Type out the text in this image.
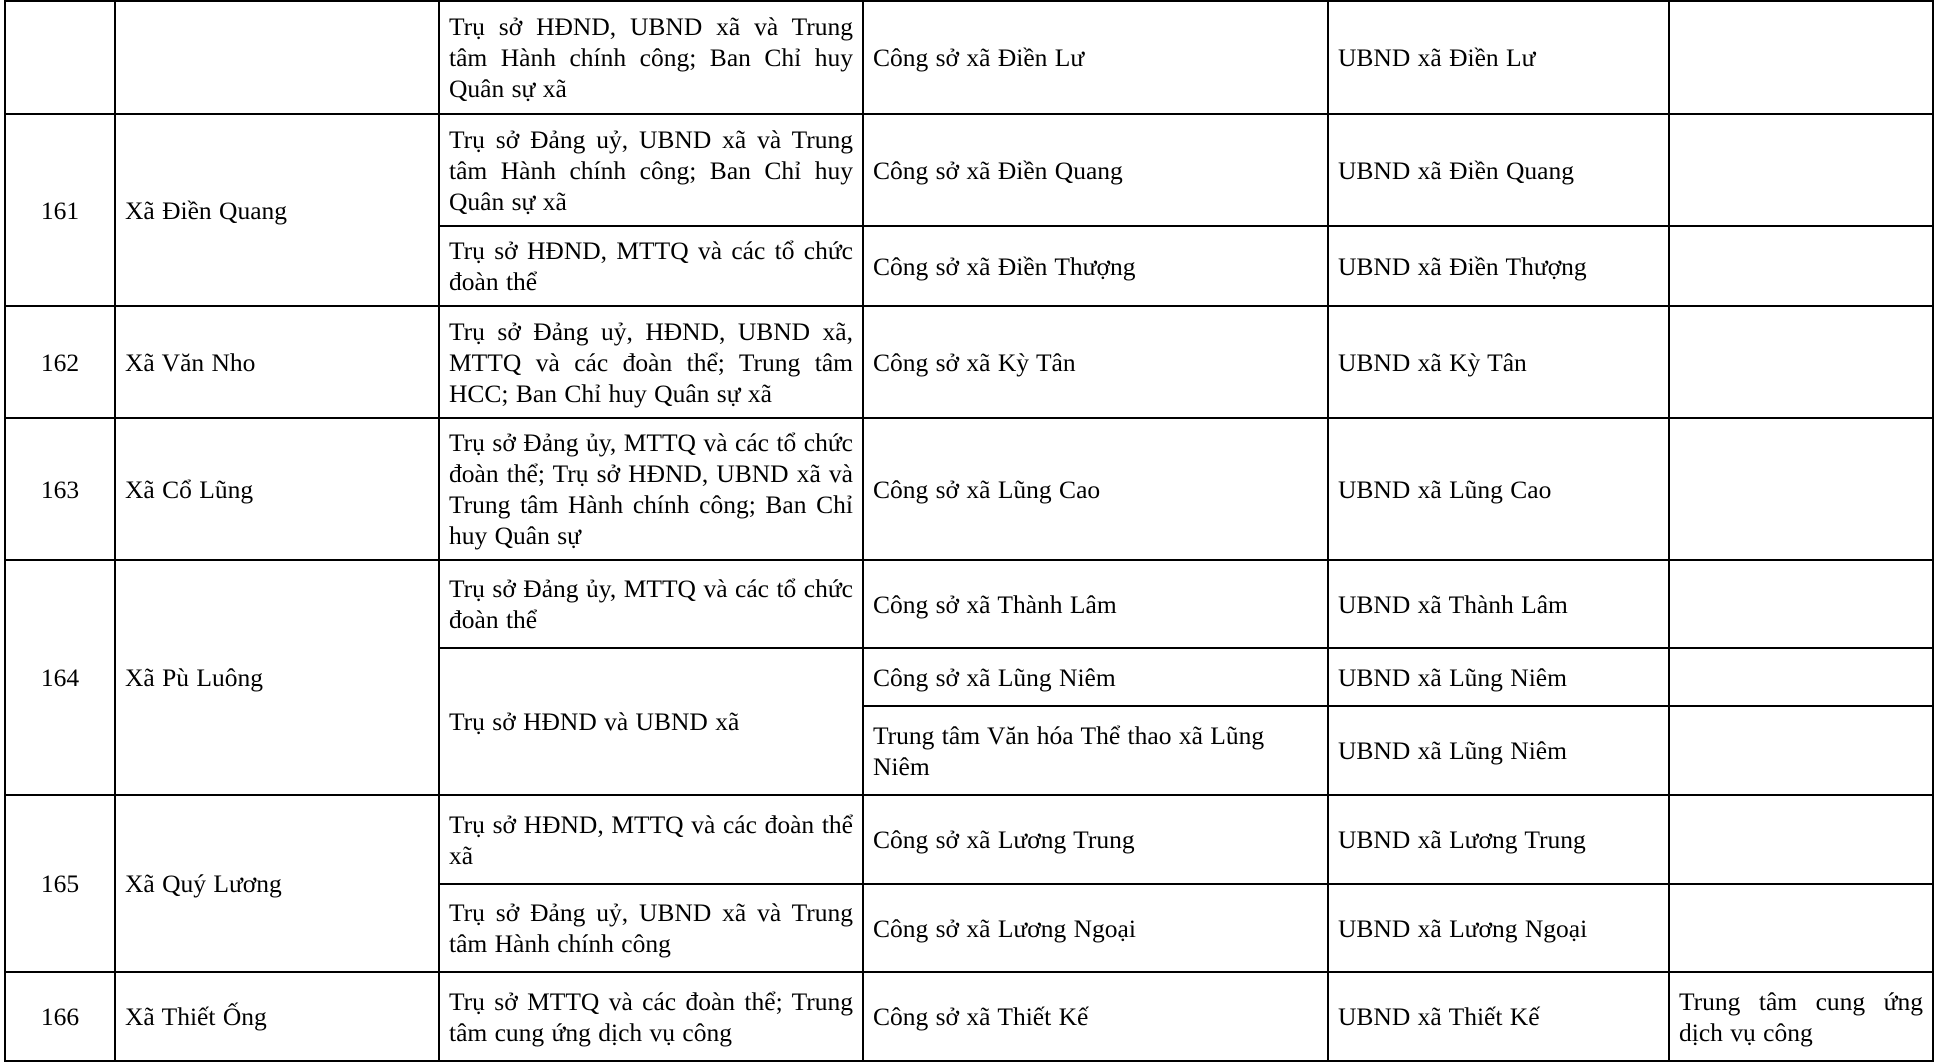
		Trụ sở HĐND, UBND xã và Trung tâm Hành chính công; Ban Chỉ huy Quân sự xã	Công sở xã Điền Lư	UBND xã Điền Lư	
161	Xã Điền Quang	Trụ sở Đảng uỷ, UBND xã và Trung tâm Hành chính công; Ban Chỉ huy Quân sự xã	Công sở xã Điền Quang	UBND xã Điền Quang	
		Trụ sở HĐND, MTTQ và các tổ chức đoàn thể	Công sở xã Điền Thượng	UBND xã Điền Thượng	
162	Xã Văn Nho	Trụ sở Đảng uỷ, HĐND, UBND xã, MTTQ và các đoàn thể; Trung tâm HCC; Ban Chỉ huy Quân sự xã	Công sở xã Kỳ Tân	UBND xã Kỳ Tân	
163	Xã Cổ Lũng	Trụ sở Đảng ủy, MTTQ và các tổ chức đoàn thể; Trụ sở HĐND, UBND xã và Trung tâm Hành chính công; Ban Chỉ huy Quân sự	Công sở xã Lũng Cao	UBND xã Lũng Cao	
164	Xã Pù Luông	Trụ sở Đảng ủy, MTTQ và các tổ chức đoàn thể	Công sở xã Thành Lâm	UBND xã Thành Lâm	
		Trụ sở HĐND và UBND xã	Công sở xã Lũng Niêm	UBND xã Lũng Niêm	
			Trung tâm Văn hóa Thể thao xã Lũng Niêm	UBND xã Lũng Niêm	
165	Xã Quý Lương	Trụ sở HĐND, MTTQ và các đoàn thể xã	Công sở xã Lương Trung	UBND xã Lương Trung	
		Trụ sở Đảng uỷ, UBND xã và Trung tâm Hành chính công	Công sở xã Lương Ngoại	UBND xã Lương Ngoại	
166	Xã Thiết Ống	Trụ sở MTTQ và các đoàn thể; Trung tâm cung ứng dịch vụ công	Công sở xã Thiết Kế	UBND xã Thiết Kế	Trung tâm cung ứng dịch vụ công
